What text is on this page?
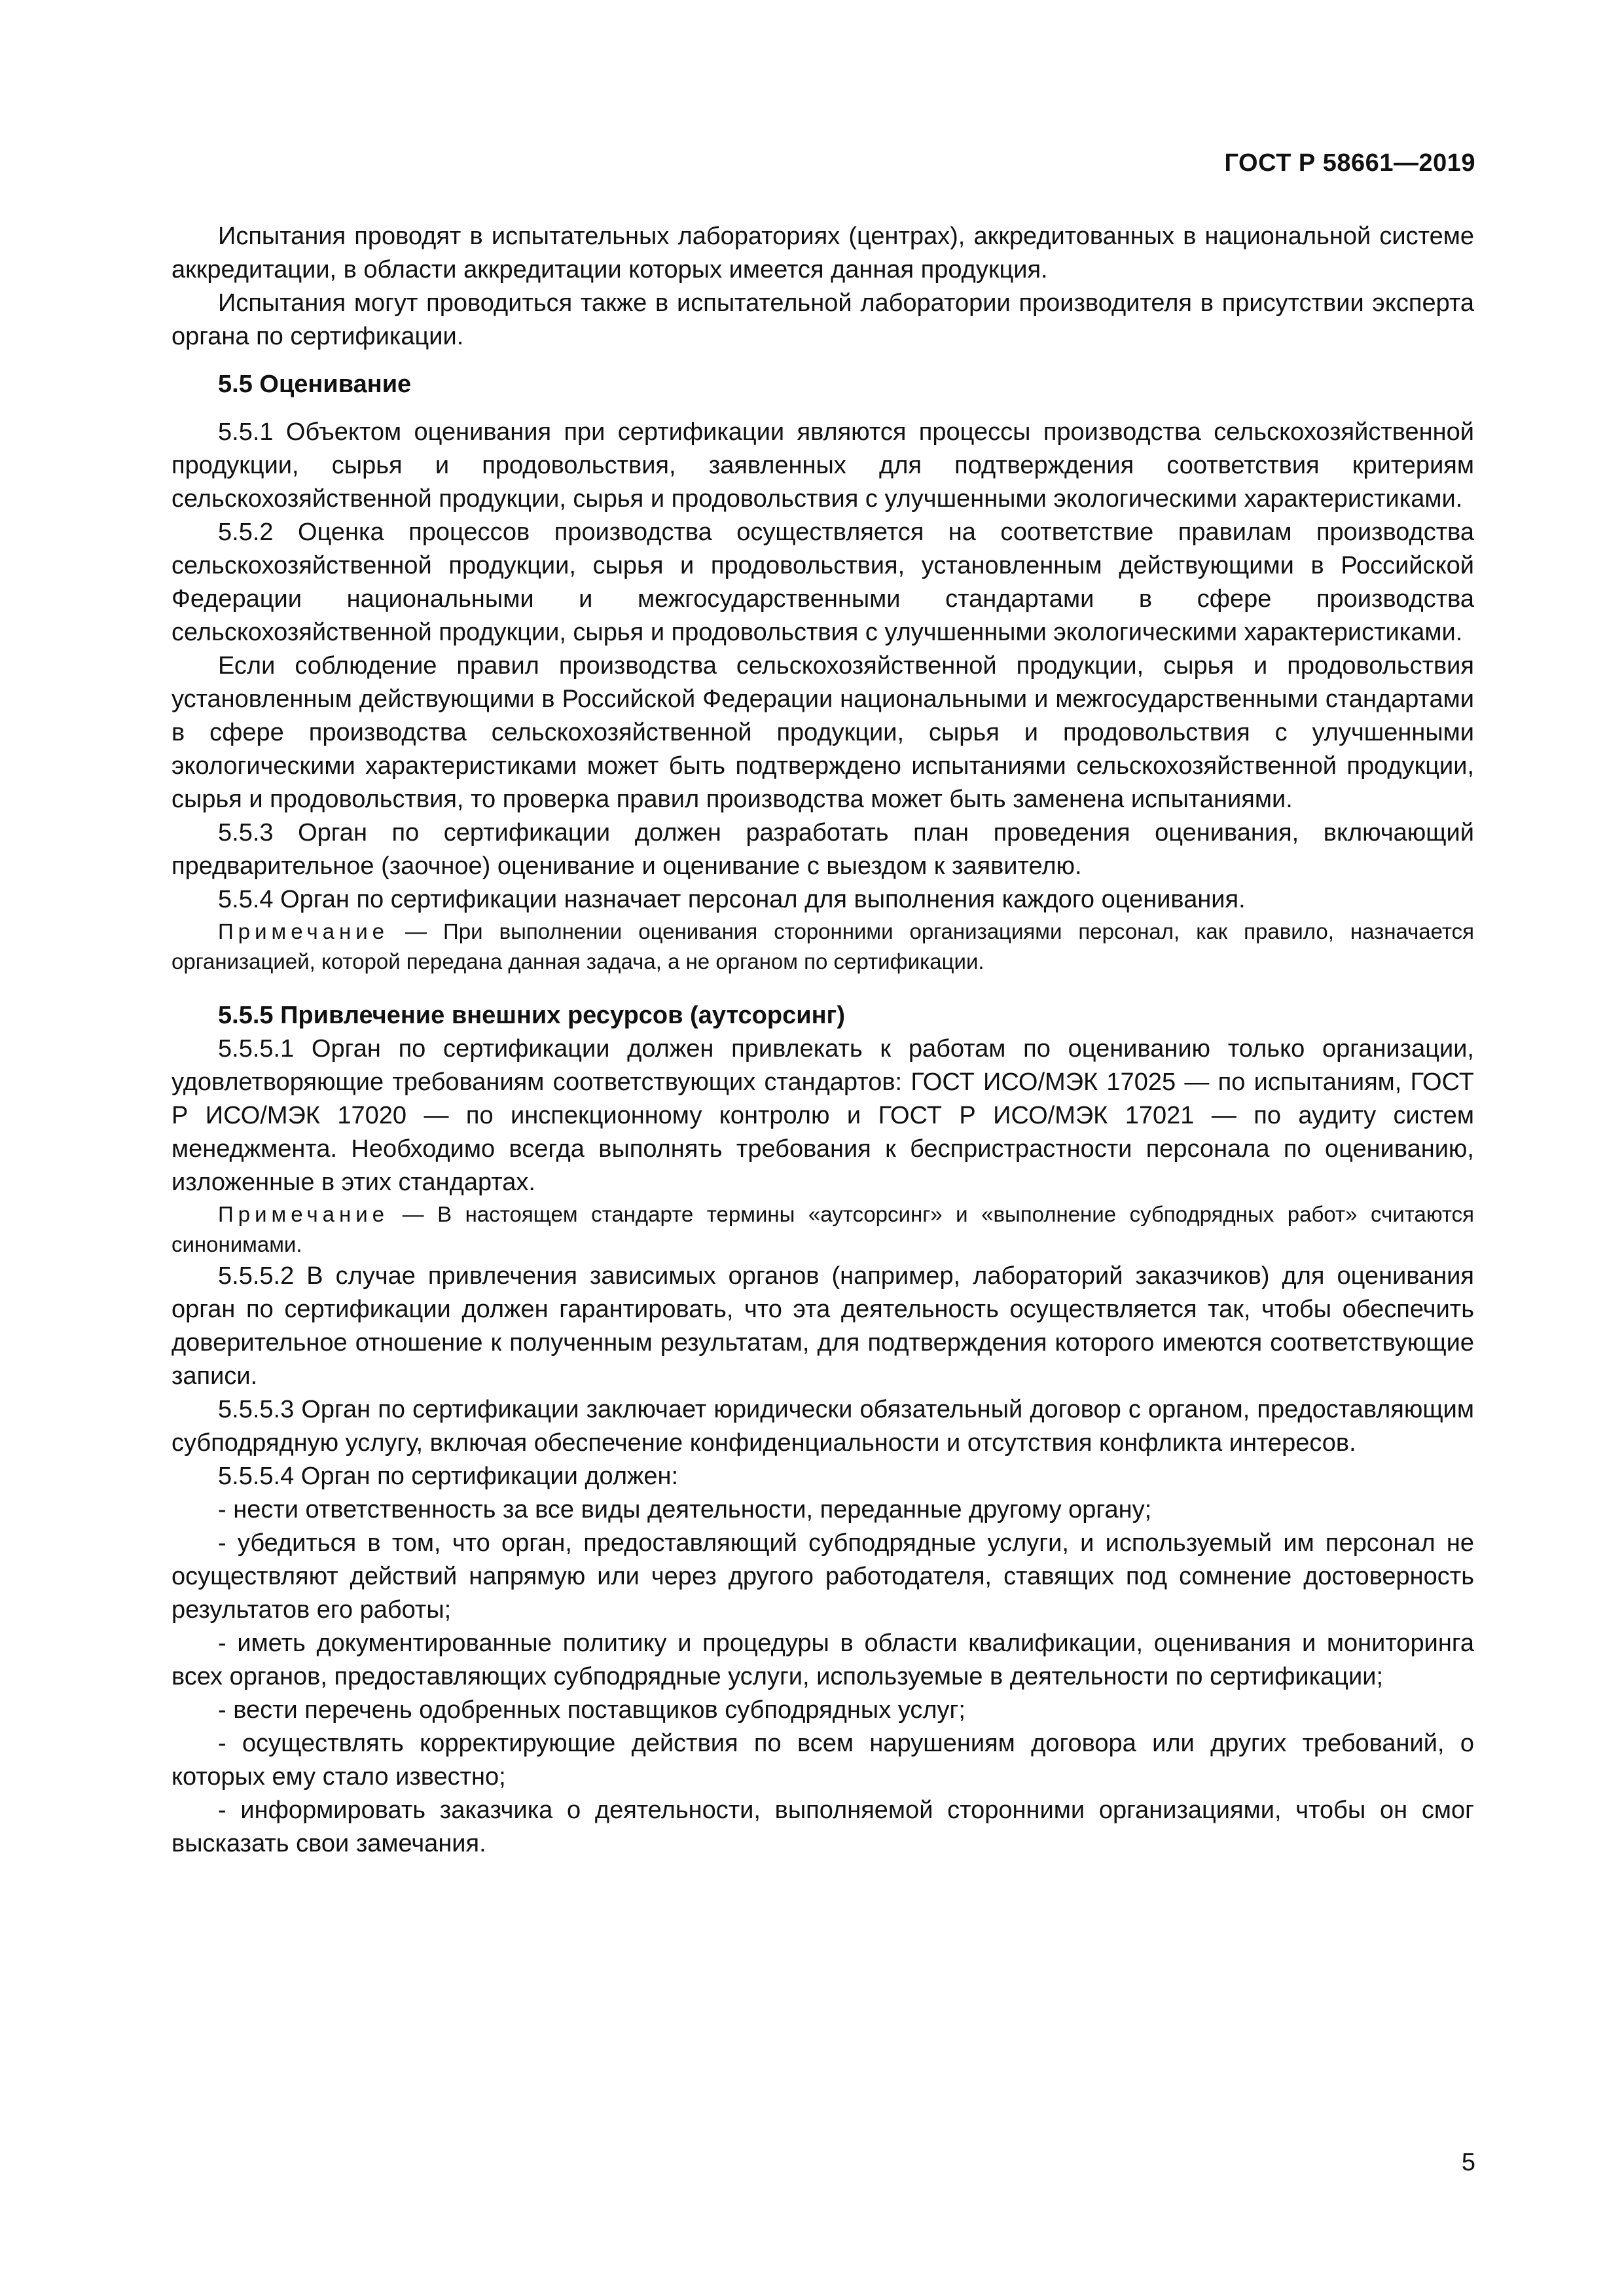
ГОСТ Р 58661—2019

Испытания проводят в испытательных лабораториях (центрах), аккредитованных в национальной системе аккредитации, в области аккредитации которых имеется данная продукция.

Испытания могут проводиться также в испытательной лаборатории производителя в присутствии эксперта органа по сертификации.

5.5 Оценивание

5.5.1 Объектом оценивания при сертификации являются процессы производства сельскохозяйственной продукции, сырья и продовольствия, заявленных для подтверждения соответствия критериям сельскохозяйственной продукции, сырья и продовольствия с улучшенными экологическими характеристиками.

5.5.2 Оценка процессов производства осуществляется на соответствие правилам производства сельскохозяйственной продукции, сырья и продовольствия, установленным действующими в Российской Федерации национальными и межгосударственными стандартами в сфере производства сельскохозяйственной продукции, сырья и продовольствия с улучшенными экологическими характеристиками.

Если соблюдение правил производства сельскохозяйственной продукции, сырья и продовольствия установленным действующими в Российской Федерации национальными и межгосударственными стандартами в сфере производства сельскохозяйственной продукции, сырья и продовольствия с улучшенными экологическими характеристиками может быть подтверждено испытаниями сельскохозяйственной продукции, сырья и продовольствия, то проверка правил производства может быть заменена испытаниями.

5.5.3 Орган по сертификации должен разработать план проведения оценивания, включающий предварительное (заочное) оценивание и оценивание с выездом к заявителю.

5.5.4 Орган по сертификации назначает персонал для выполнения каждого оценивания.

Примечание — При выполнении оценивания сторонними организациями персонал, как правило, назначается организацией, которой передана данная задача, а не органом по сертификации.

5.5.5 Привлечение внешних ресурсов (аутсорсинг)

5.5.5.1 Орган по сертификации должен привлекать к работам по оцениванию только организации, удовлетворяющие требованиям соответствующих стандартов: ГОСТ ИСО/МЭК 17025 — по испытаниям, ГОСТ Р ИСО/МЭК 17020 — по инспекционному контролю и ГОСТ Р ИСО/МЭК 17021 — по аудиту систем менеджмента. Необходимо всегда выполнять требования к беспристрастности персонала по оцениванию, изложенные в этих стандартах.

Примечание — В настоящем стандарте термины «аутсорсинг» и «выполнение субподрядных работ» считаются синонимами.

5.5.5.2 В случае привлечения зависимых органов (например, лабораторий заказчиков) для оценивания орган по сертификации должен гарантировать, что эта деятельность осуществляется так, чтобы обеспечить доверительное отношение к полученным результатам, для подтверждения которого имеются соответствующие записи.

5.5.5.3 Орган по сертификации заключает юридически обязательный договор с органом, предоставляющим субподрядную услугу, включая обеспечение конфиденциальности и отсутствия конфликта интересов.

5.5.5.4 Орган по сертификации должен:

- нести ответственность за все виды деятельности, переданные другому органу;

- убедиться в том, что орган, предоставляющий субподрядные услуги, и используемый им персонал не осуществляют действий напрямую или через другого работодателя, ставящих под сомнение достоверность результатов его работы;

- иметь документированные политику и процедуры в области квалификации, оценивания и мониторинга всех органов, предоставляющих субподрядные услуги, используемые в деятельности по сертификации;

- вести перечень одобренных поставщиков субподрядных услуг;

- осуществлять корректирующие действия по всем нарушениям договора или других требований, о которых ему стало известно;

- информировать заказчика о деятельности, выполняемой сторонними организациями, чтобы он смог высказать свои замечания.

5
